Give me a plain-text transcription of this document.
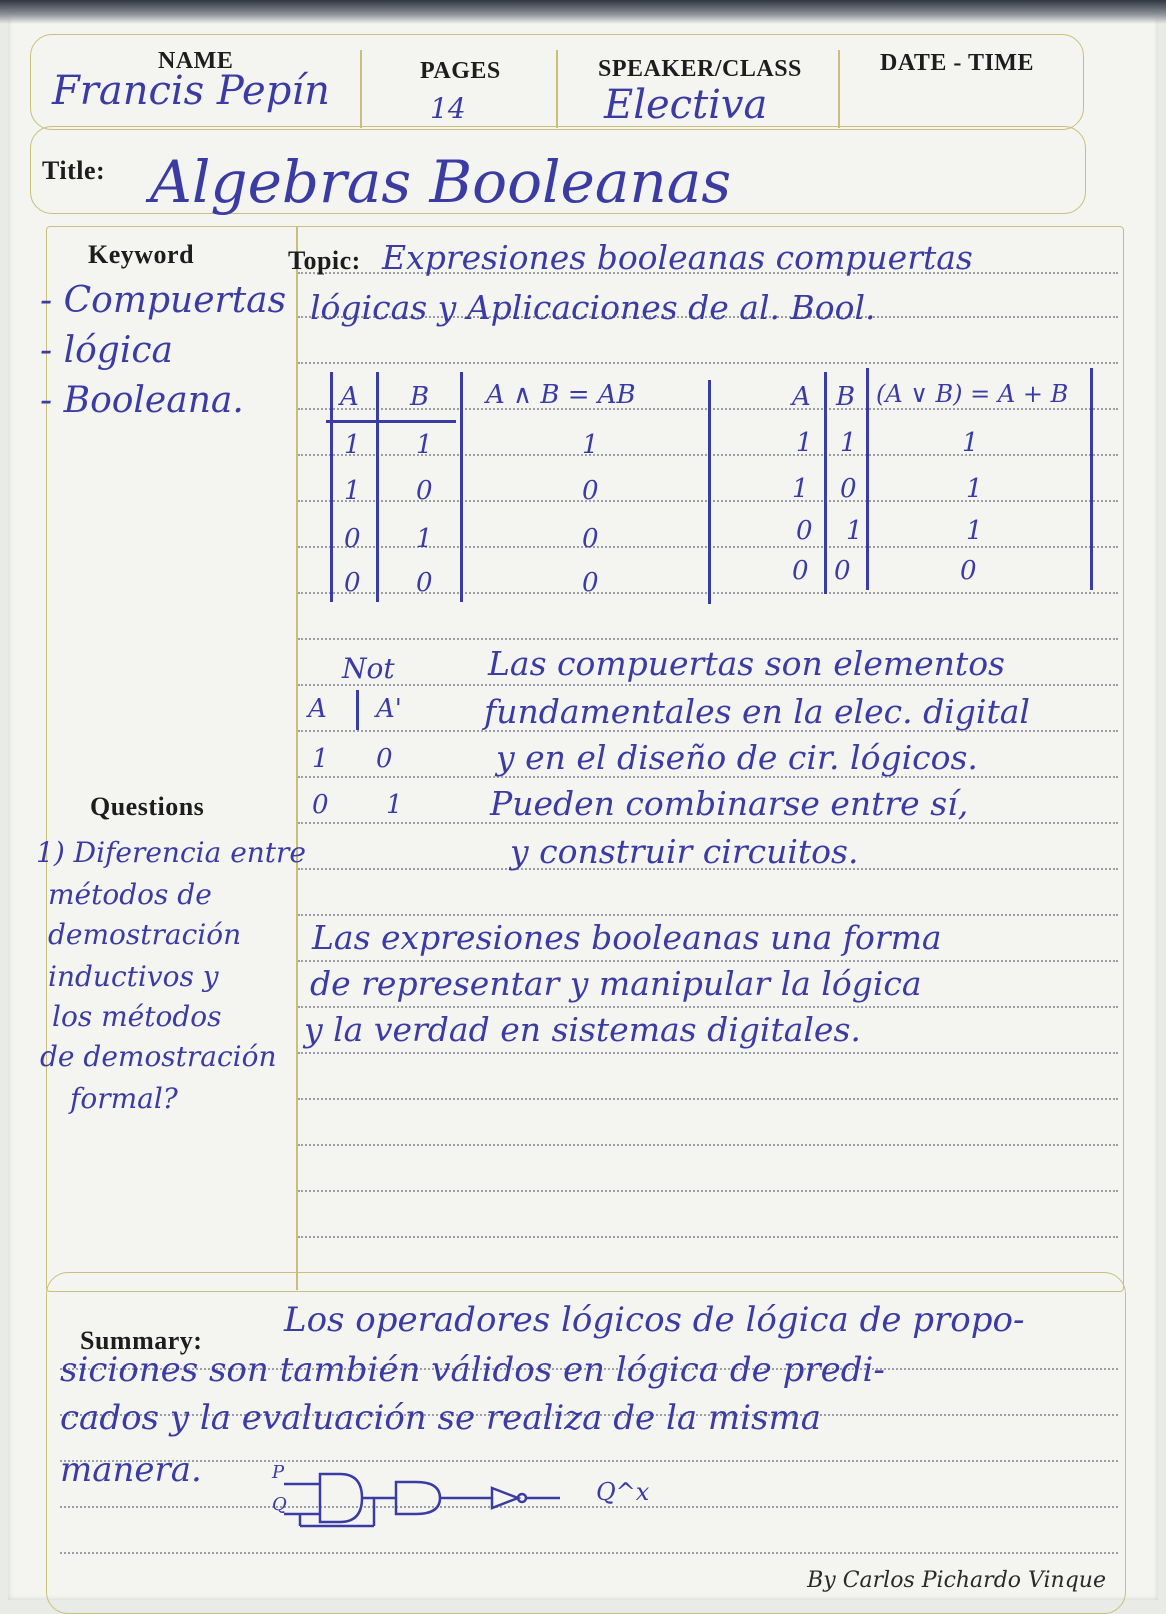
NAME
Francis Pepín	PAGES
14
SPEAKER/CLASS
Electiva
DATE - TIME
Title: Algebras Booleanas
Keyword
- Compuertas
- lógica
- Booleana.
Topic: Expresiones booleanas compuertas
lógicas y Aplicaciones de al. Bool.
A B A ∧ B = AB
1 1	1
1 0	0
0 1	0
0 0	0
A B (A ∨ B) = A + B
1 1	1
1 0	1
0 1	1
0 0	0
Not
A A'
1 0
0 1
Las compuertas son elementos
fundamentales en la elec. digital
y en el diseño de cir. lógicos.
Pueden combinarse entre sí,
y construir circuitos.
Las expresiones booleanas una forma
de representar y manipular la lógica
y la verdad en sistemas digitales.
Questions
1) Diferencia entre
métodos de
demostración
inductivos y
los métodos
de demostración
formal?
Summary:
Los operadores lógicos de lógica de propo-
siciones son también válidos en lógica de predi-
cados y la evaluación se realiza de la misma
manera.	P
Q	Q^x
By Carlos Pichardo Vinque
